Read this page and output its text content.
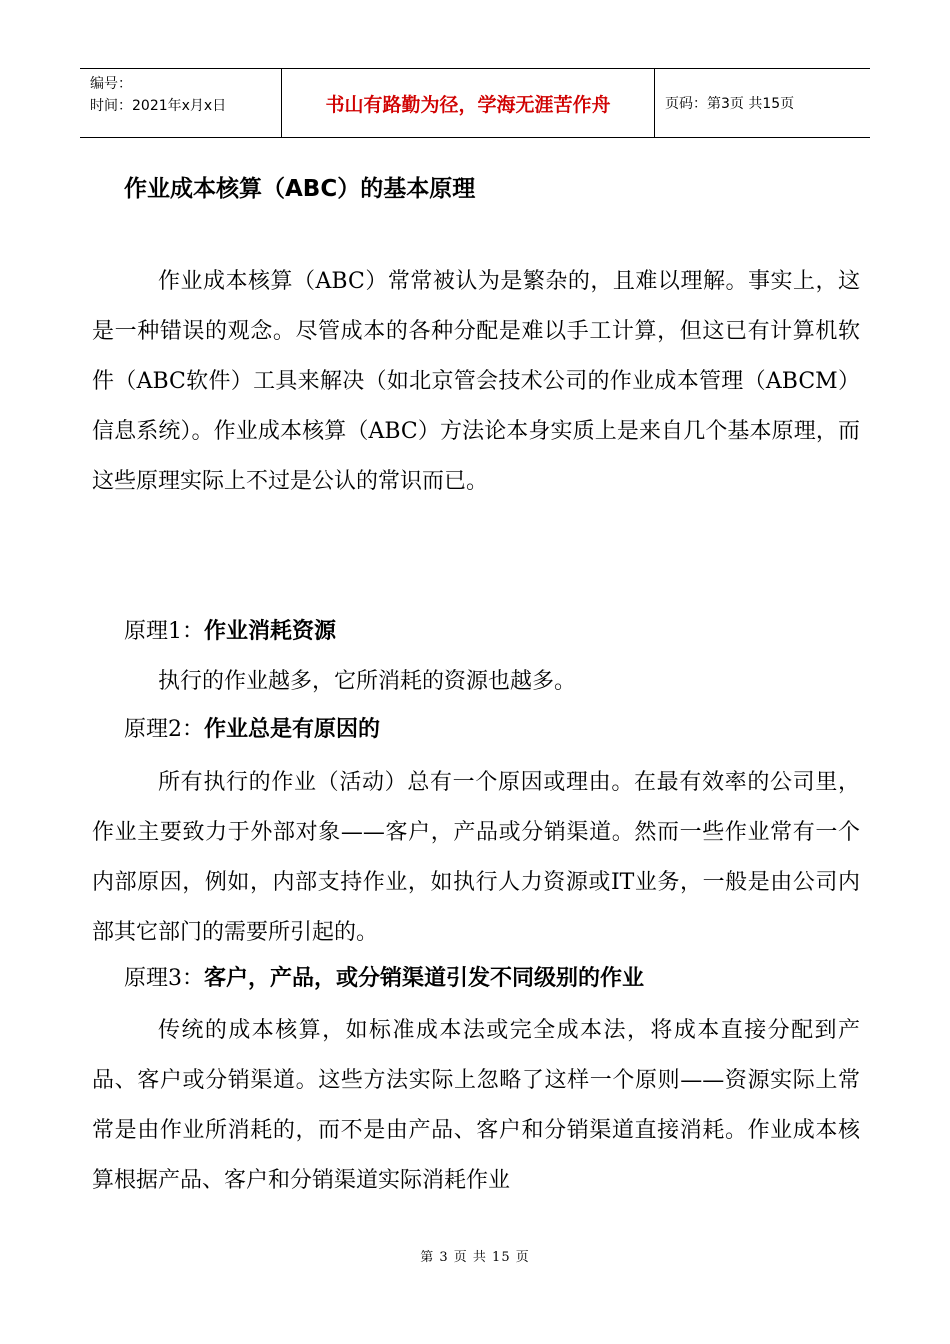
编号：
时间：2021年x月x日	书山有路勤为径，学海无涯苦作舟	页码：第3页 共15页
作业成本核算（ABC）的基本原理

作业成本核算（ABC）常常被认为是繁杂的，且难以理解。事实上，这是一种错误的观念。尽管成本的各种分配是难以手工计算，但这已有计算机软件（ABC软件）工具来解决（如北京管会技术公司的作业成本管理（ABCM）信息系统）。作业成本核算（ABC）方法论本身实质上是来自几个基本原理，而这些原理实际上不过是公认的常识而已。

原理1：作业消耗资源

执行的作业越多，它所消耗的资源也越多。

原理2：作业总是有原因的

所有执行的作业（活动）总有一个原因或理由。在最有效率的公司里，作业主要致力于外部对象——客户，产品或分销渠道。然而一些作业常有一个内部原因，例如，内部支持作业，如执行人力资源或IT业务，一般是由公司内部其它部门的需要所引起的。

原理3：客户，产品，或分销渠道引发不同级别的作业

传统的成本核算，如标准成本法或完全成本法，将成本直接分配到产品、客户或分销渠道。这些方法实际上忽略了这样一个原则——资源实际上常常是由作业所消耗的，而不是由产品、客户和分销渠道直接消耗。作业成本核算根据产品、客户和分销渠道实际消耗作业

第 3 页 共 15 页
